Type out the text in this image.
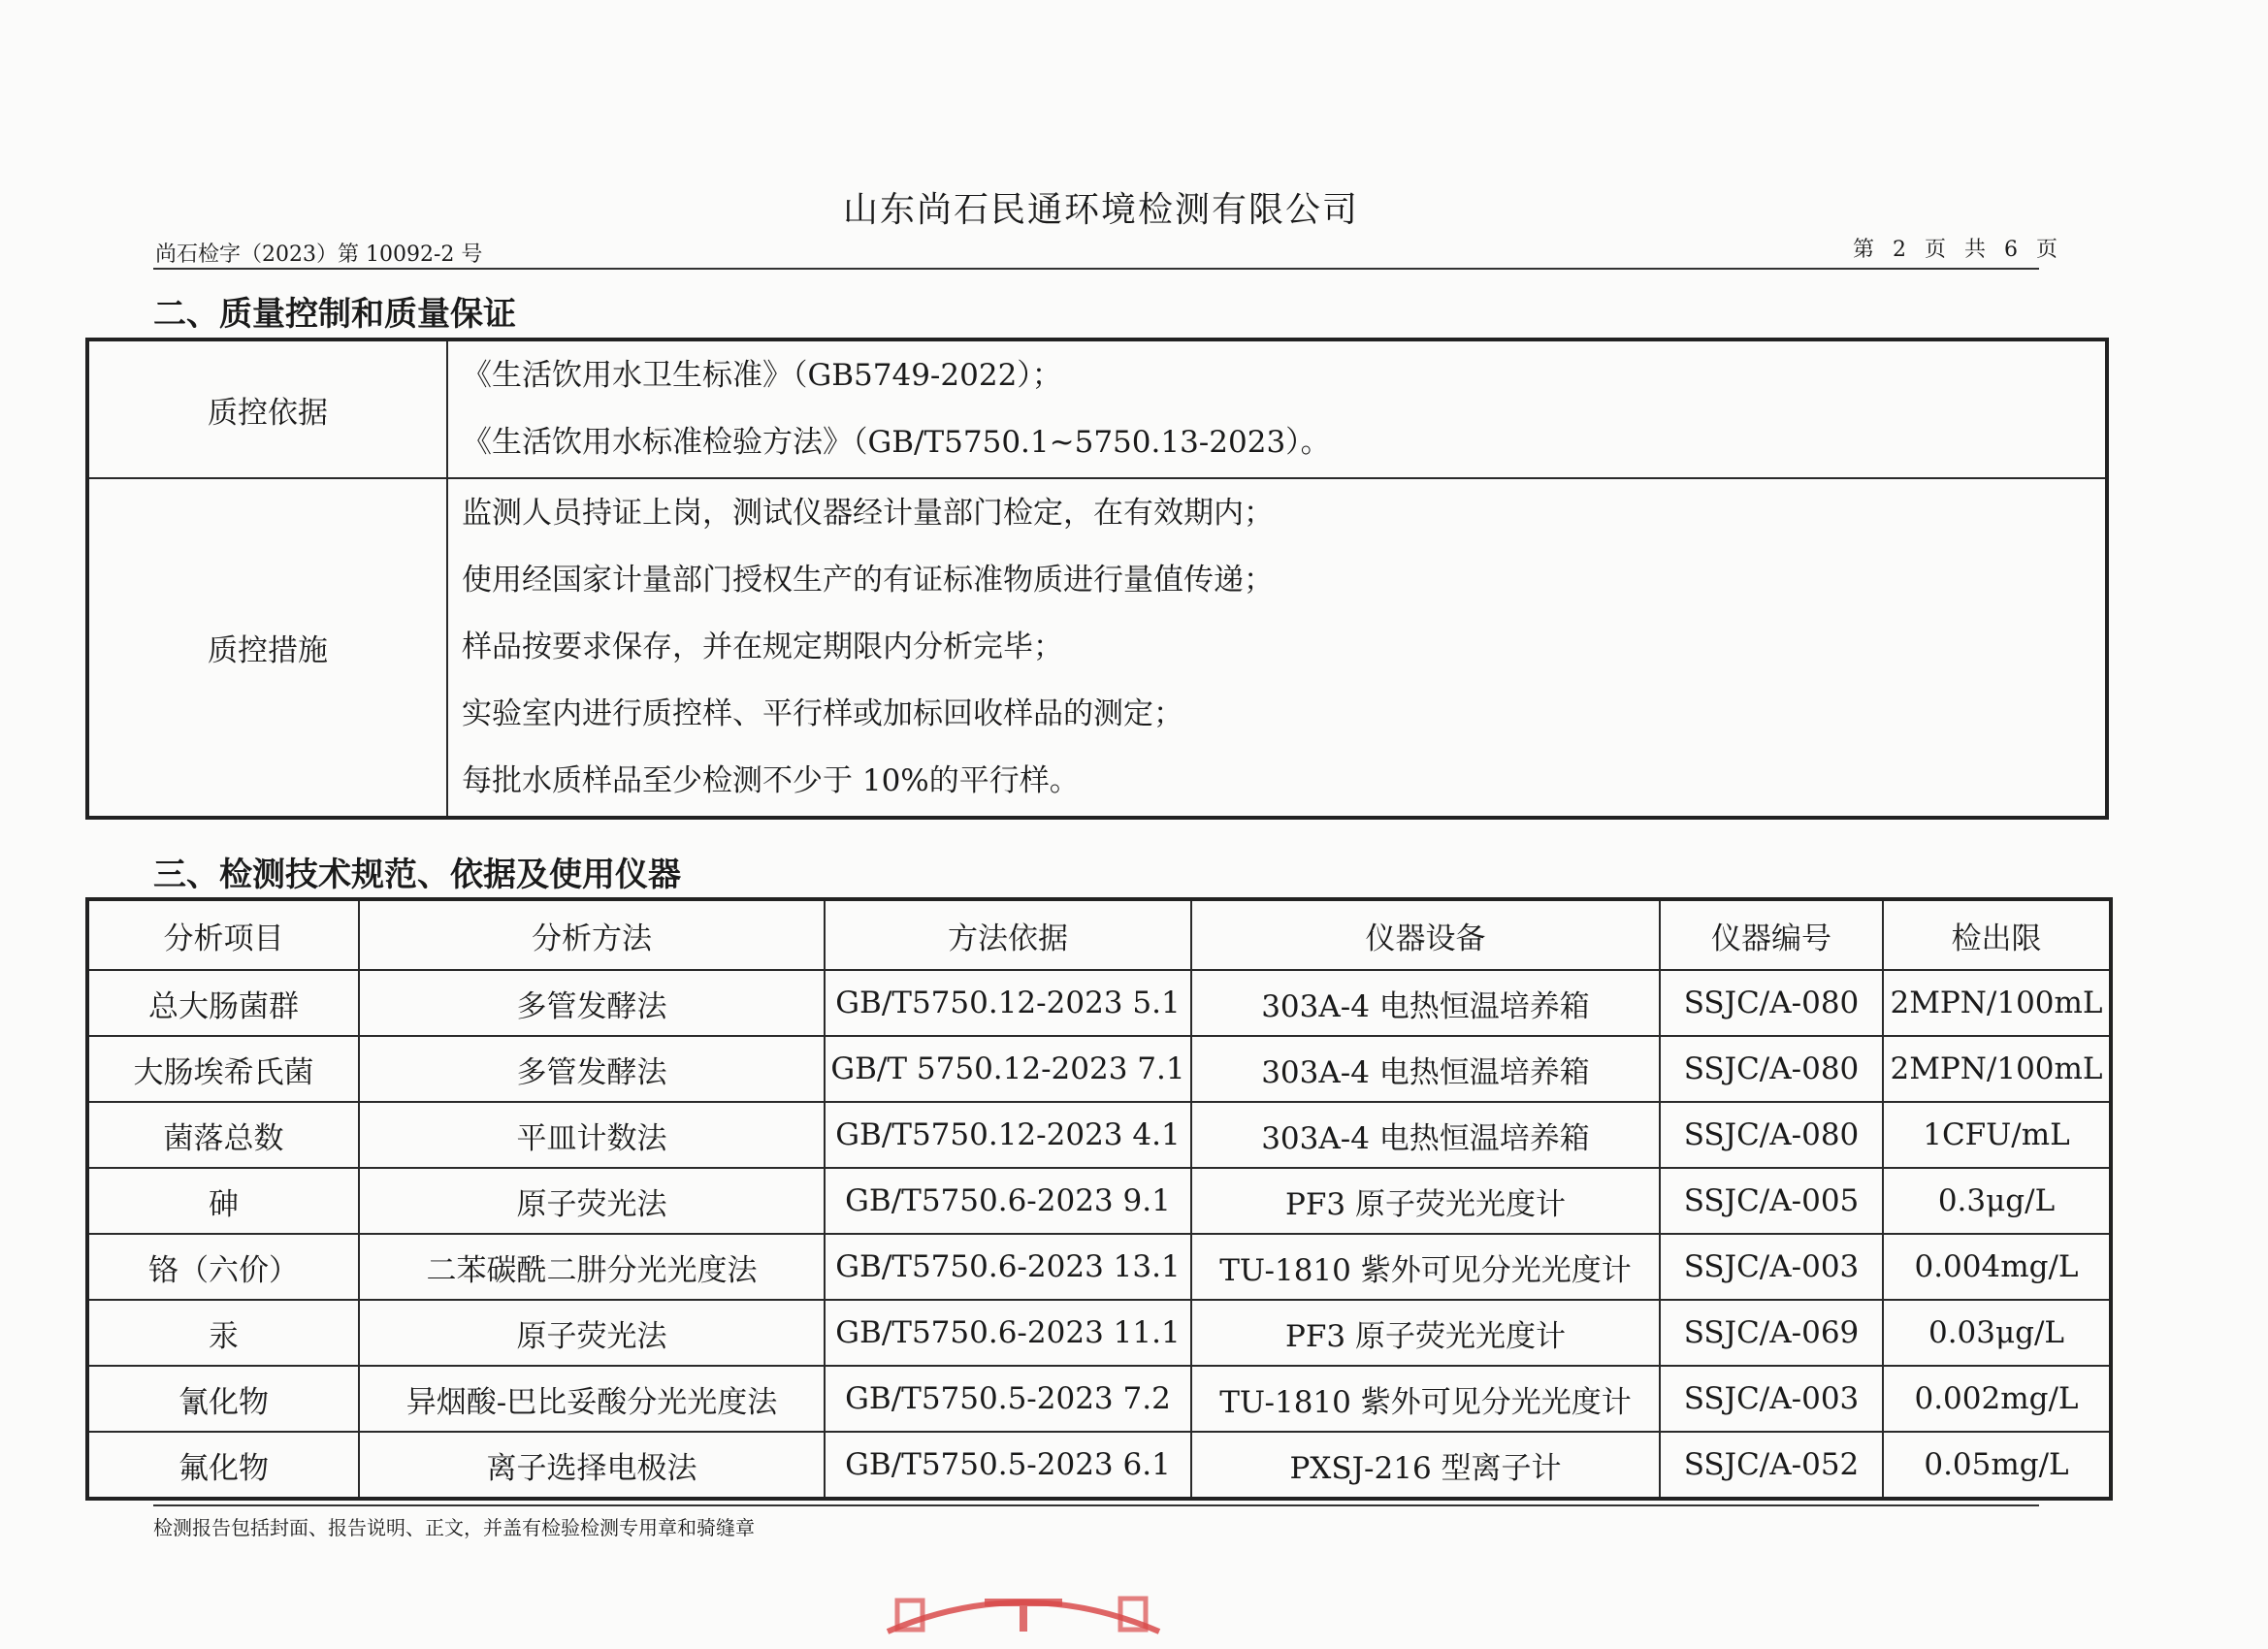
山东尚石民通环境检测有限公司
尚石检字（2023）第 10092-2 号	第 2 页 共 6 页
二、质量控制和质量保证
质控依据	《生活饮用水卫生标准》（GB5749-2022）；
《生活饮用水标准检验方法》（GB/T5750.1~5750.13-2023）。

质控措施	监测人员持证上岗，测试仪器经计量部门检定，在有效期内；
使用经国家计量部门授权生产的有证标准物质进行量值传递；
样品按要求保存，并在规定期限内分析完毕；
实验室内进行质控样、平行样或加标回收样品的测定；
每批水质样品至少检测不少于 10%的平行样。
三、检测技术规范、依据及使用仪器
分析项目	分析方法	方法依据	仪器设备	仪器编号	检出限
总大肠菌群	多管发酵法	GB/T5750.12-2023 5.1	303A-4 电热恒温培养箱	SSJC/A-080	2MPN/100mL
大肠埃希氏菌	多管发酵法	GB/T 5750.12-2023 7.1	303A-4 电热恒温培养箱	SSJC/A-080	2MPN/100mL
菌落总数	平皿计数法	GB/T5750.12-2023 4.1	303A-4 电热恒温培养箱	SSJC/A-080	1CFU/mL
砷	原子荧光法	GB/T5750.6-2023 9.1	PF3 原子荧光光度计	SSJC/A-005	0.3μg/L
铬（六价）	二苯碳酰二肼分光光度法	GB/T5750.6-2023 13.1	TU-1810 紫外可见分光光度计	SSJC/A-003	0.004mg/L
汞	原子荧光法	GB/T5750.6-2023 11.1	PF3 原子荧光光度计	SSJC/A-069	0.03μg/L
氰化物	异烟酸-巴比妥酸分光光度法	GB/T5750.5-2023 7.2	TU-1810 紫外可见分光光度计	SSJC/A-003	0.002mg/L
氟化物	离子选择电极法	GB/T5750.5-2023 6.1	PXSJ-216 型离子计	SSJC/A-052	0.05mg/L
检测报告包括封面、报告说明、正文，并盖有检验检测专用章和骑缝章
